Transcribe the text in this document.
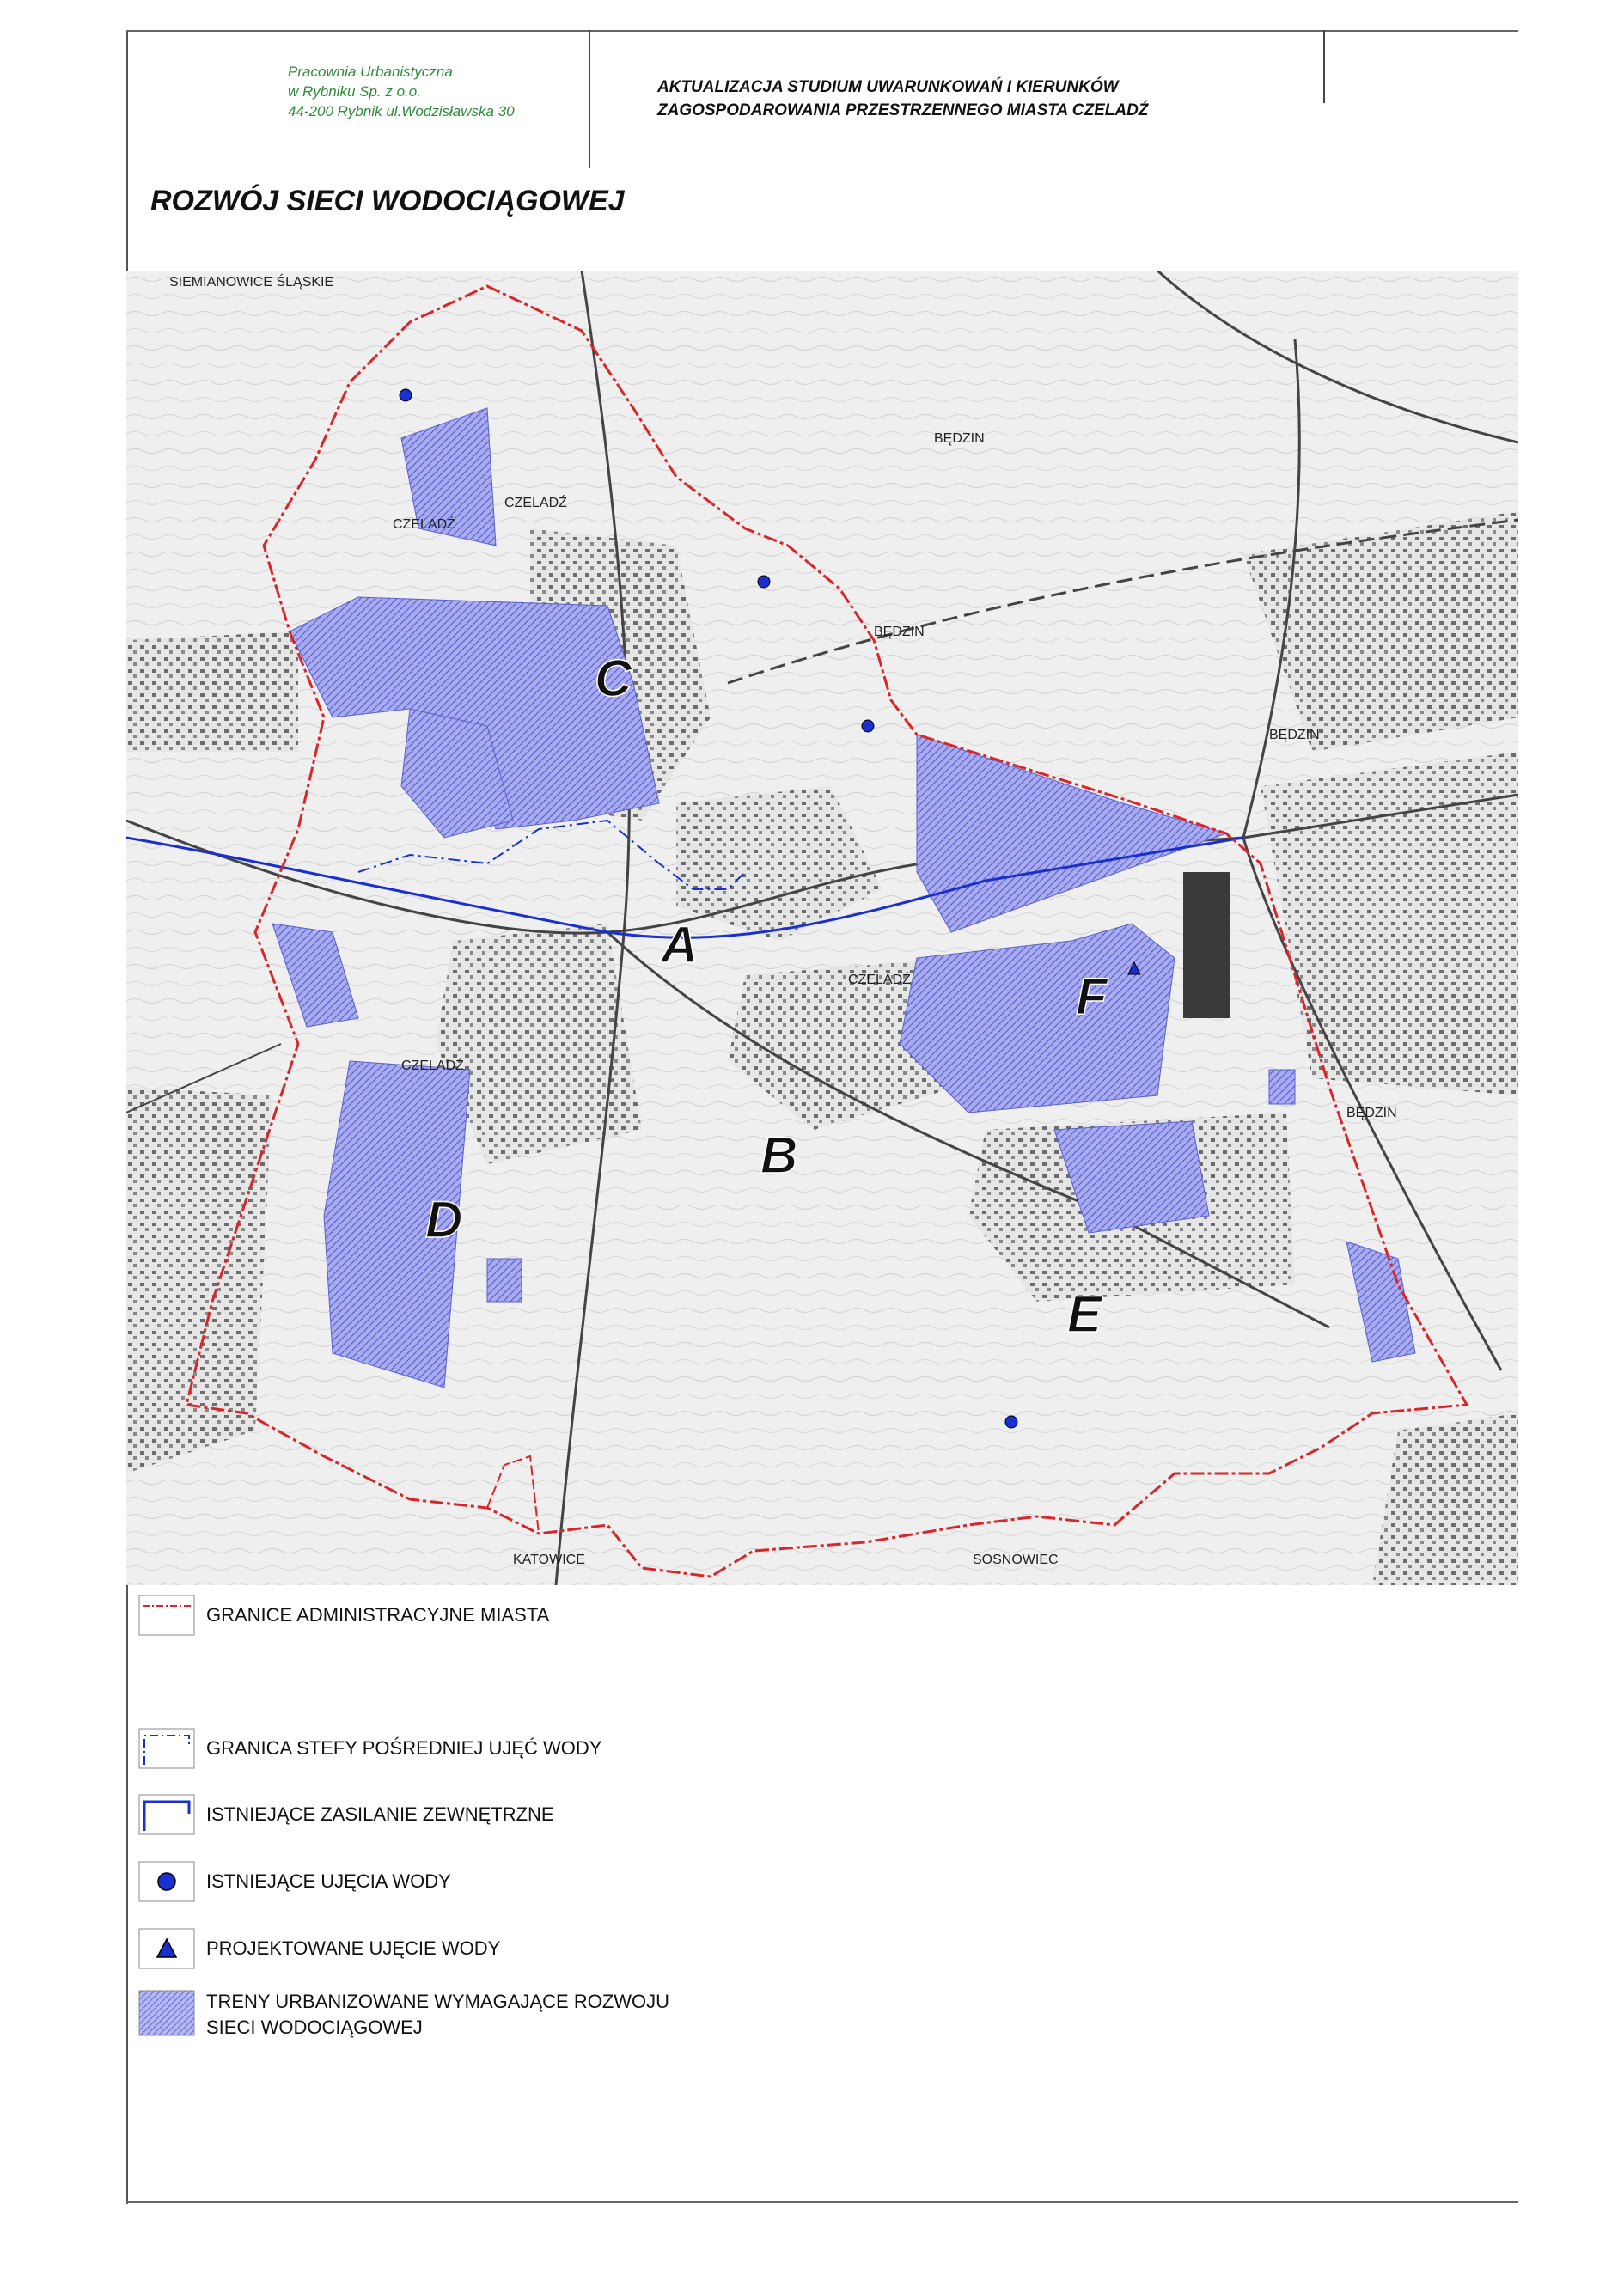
Pracownia Urbanistyczna
w Rybniku Sp. z o.o.
44-200 Rybnik ul.Wodzisławska 30
AKTUALIZACJA STUDIUM UWARUNKOWAŃ I KIERUNKÓW
ZAGOSPODAROWANIA PRZESTRZENNEGO MIASTA CZELADŹ
ROZWÓJ SIECI WODOCIĄGOWEJ
SIEMIANOWICE ŚLĄSKIE
BĘDZIN
BĘDZIN
BĘDZIN
BĘDZIN
CZELADŹ
CZELADŹ
CZELADŹ
CZELADŹ
KATOWICE	SOSNOWIEC
C
A
B
D
E
F
GRANICE ADMINISTRACYJNE MIASTA
GRANICA STEFY POŚREDNIEJ UJĘĆ WODY
ISTNIEJĄCE ZASILANIE ZEWNĘTRZNE
ISTNIEJĄCE UJĘCIA WODY
PROJEKTOWANE UJĘCIE WODY
TRENY URBANIZOWANE WYMAGAJĄCE ROZWOJU
SIECI WODOCIĄGOWEJ
